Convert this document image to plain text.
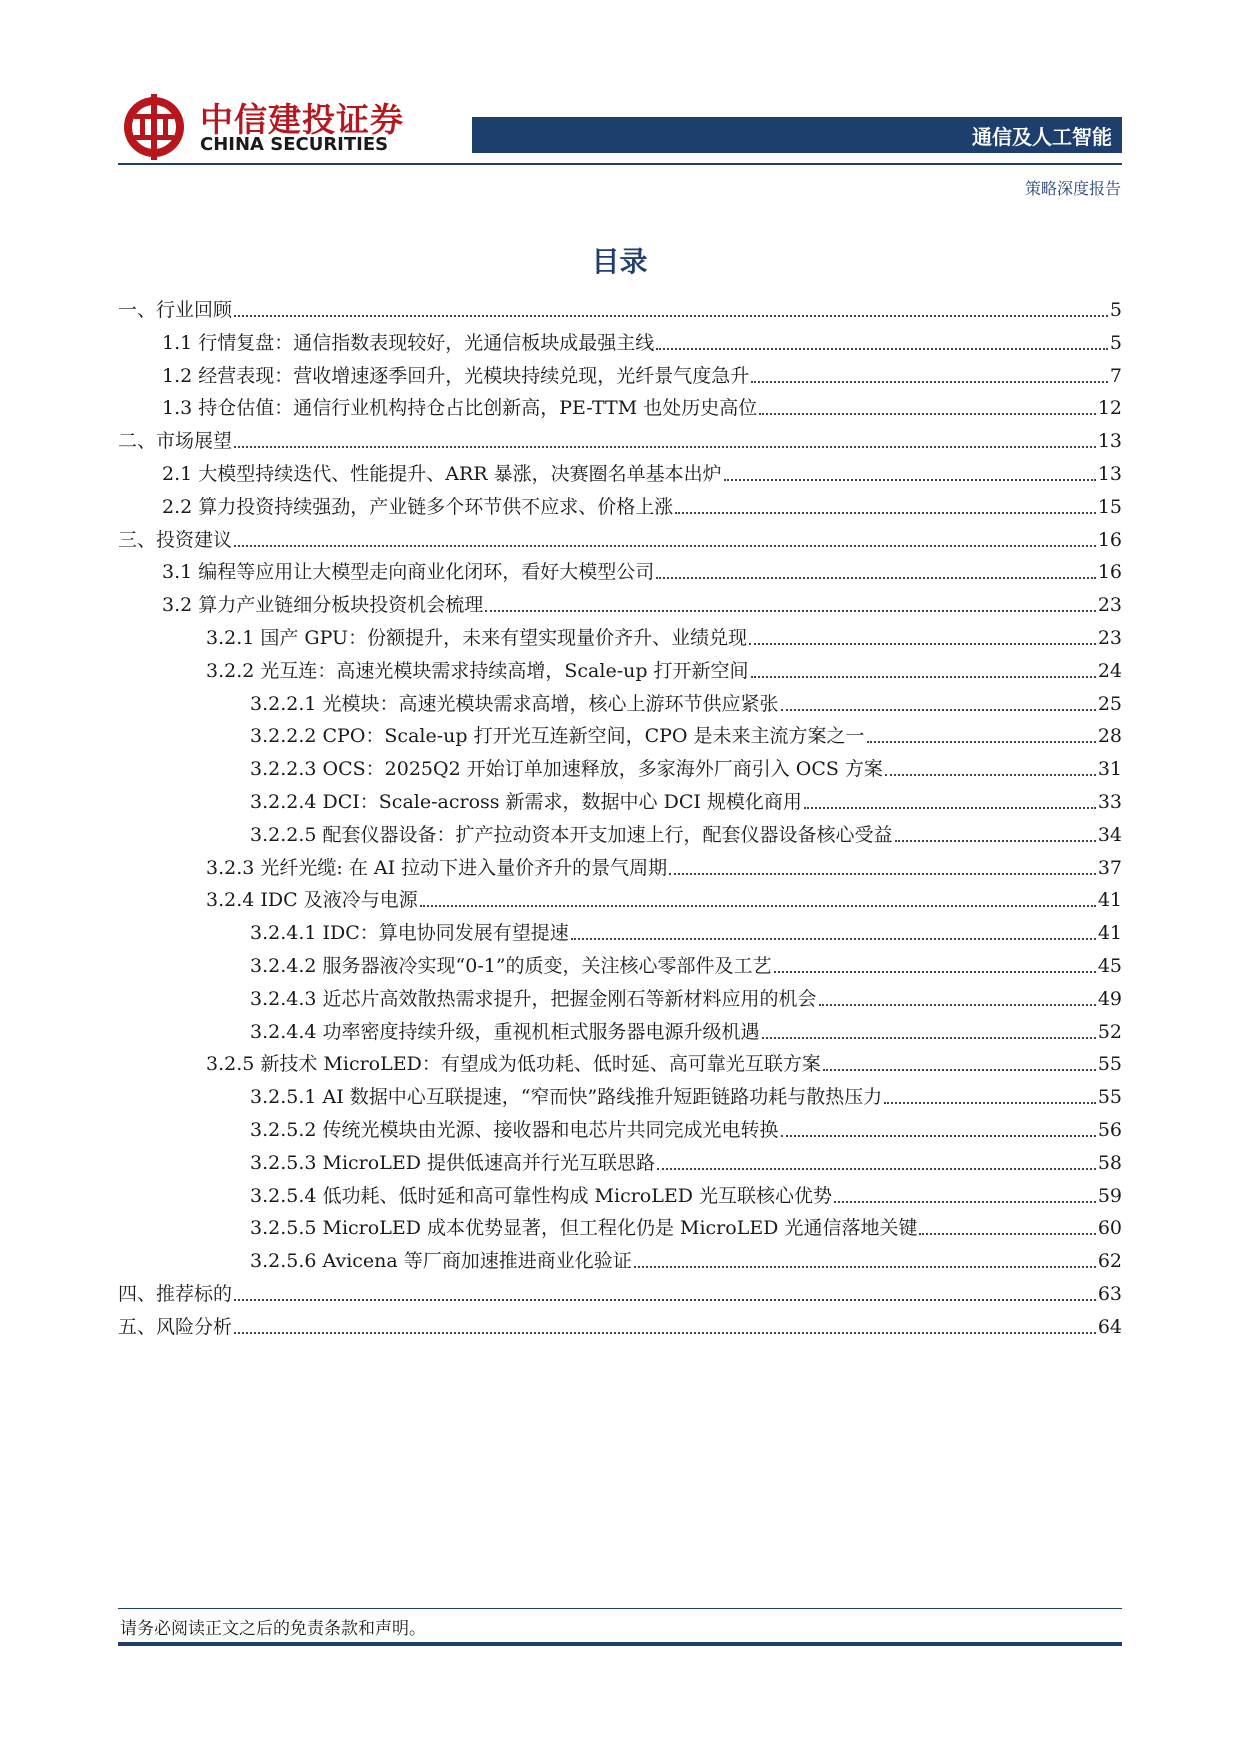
中信建投证券
CHINA SECURITIES	通信及人工智能
策略深度报告
目录
一、行业回顾	5
1.1 行情复盘：通信指数表现较好，光通信板块成最强主线	5
1.2 经营表现：营收增速逐季回升，光模块持续兑现，光纤景气度急升	7
1.3 持仓估值：通信行业机构持仓占比创新高，PE-TTM 也处历史高位	12
二、市场展望	13
2.1 大模型持续迭代、性能提升、ARR 暴涨，决赛圈名单基本出炉	13
2.2 算力投资持续强劲，产业链多个环节供不应求、价格上涨	15
三、投资建议	16
3.1 编程等应用让大模型走向商业化闭环，看好大模型公司	16
3.2 算力产业链细分板块投资机会梳理	23
3.2.1 国产 GPU：份额提升，未来有望实现量价齐升、业绩兑现	23
3.2.2 光互连：高速光模块需求持续高增，Scale-up 打开新空间	24
3.2.2.1 光模块：高速光模块需求高增，核心上游环节供应紧张	25
3.2.2.2 CPO：Scale-up 打开光互连新空间，CPO 是未来主流方案之一	28
3.2.2.3 OCS：2025Q2 开始订单加速释放，多家海外厂商引入 OCS 方案	31
3.2.2.4 DCI：Scale-across 新需求，数据中心 DCI 规模化商用	33
3.2.2.5 配套仪器设备：扩产拉动资本开支加速上行，配套仪器设备核心受益	34
3.2.3 光纤光缆: 在 AI 拉动下进入量价齐升的景气周期	37
3.2.4 IDC 及液冷与电源	41
3.2.4.1 IDC：算电协同发展有望提速	41
3.2.4.2 服务器液冷实现“0-1”的质变，关注核心零部件及工艺	45
3.2.4.3 近芯片高效散热需求提升，把握金刚石等新材料应用的机会	49
3.2.4.4 功率密度持续升级，重视机柜式服务器电源升级机遇	52
3.2.5 新技术 MicroLED：有望成为低功耗、低时延、高可靠光互联方案	55
3.2.5.1 AI 数据中心互联提速，“窄而快”路线推升短距链路功耗与散热压力	55
3.2.5.2 传统光模块由光源、接收器和电芯片共同完成光电转换	56
3.2.5.3 MicroLED 提供低速高并行光互联思路	58
3.2.5.4 低功耗、低时延和高可靠性构成 MicroLED 光互联核心优势	59
3.2.5.5 MicroLED 成本优势显著，但工程化仍是 MicroLED 光通信落地关键	60
3.2.5.6 Avicena 等厂商加速推进商业化验证	62
四、推荐标的	63
五、风险分析	64
请务必阅读正文之后的免责条款和声明。
